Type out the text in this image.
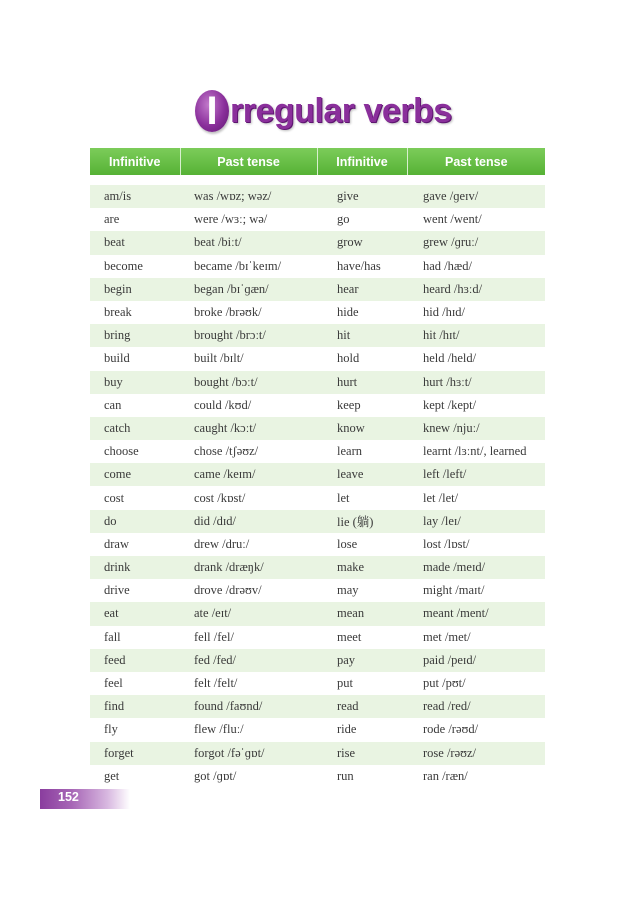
I rregular verbs
Infinitive	Past tense	Infinitive	Past tense

am/is	was /wɒz; wəz/	give	gave /ɡeɪv/
are	were /wɜː; wə/	go	went /went/
beat	beat /biːt/	grow	grew /ɡruː/
become	became /bɪˈkeɪm/	have/has	had /hæd/
begin	began /bɪˈɡæn/	hear	heard /hɜːd/
break	broke /brəʊk/	hide	hid /hɪd/
bring	brought /brɔːt/	hit	hit /hɪt/
build	built /bɪlt/	hold	held /held/
buy	bought /bɔːt/	hurt	hurt /hɜːt/
can	could /kʊd/	keep	kept /kept/
catch	caught /kɔːt/	know	knew /njuː/
choose	chose /tʃəʊz/	learn	learnt /lɜːnt/, learned
come	came /keɪm/	leave	left /left/
cost	cost /kɒst/	let	let /let/
do	did /dɪd/	lie (躺)	lay /leɪ/
draw	drew /druː/	lose	lost /lɒst/
drink	drank /dræŋk/	make	made /meɪd/
drive	drove /drəʊv/	may	might /maɪt/
eat	ate /eɪt/	mean	meant /ment/
fall	fell /fel/	meet	met /met/
feed	fed /fed/	pay	paid /peɪd/
feel	felt /felt/	put	put /pʊt/
find	found /faʊnd/	read	read /red/
fly	flew /fluː/	ride	rode /rəʊd/
forget	forgot /fəˈɡɒt/	rise	rose /rəʊz/
get	got /ɡɒt/	run	ran /ræn/
152
